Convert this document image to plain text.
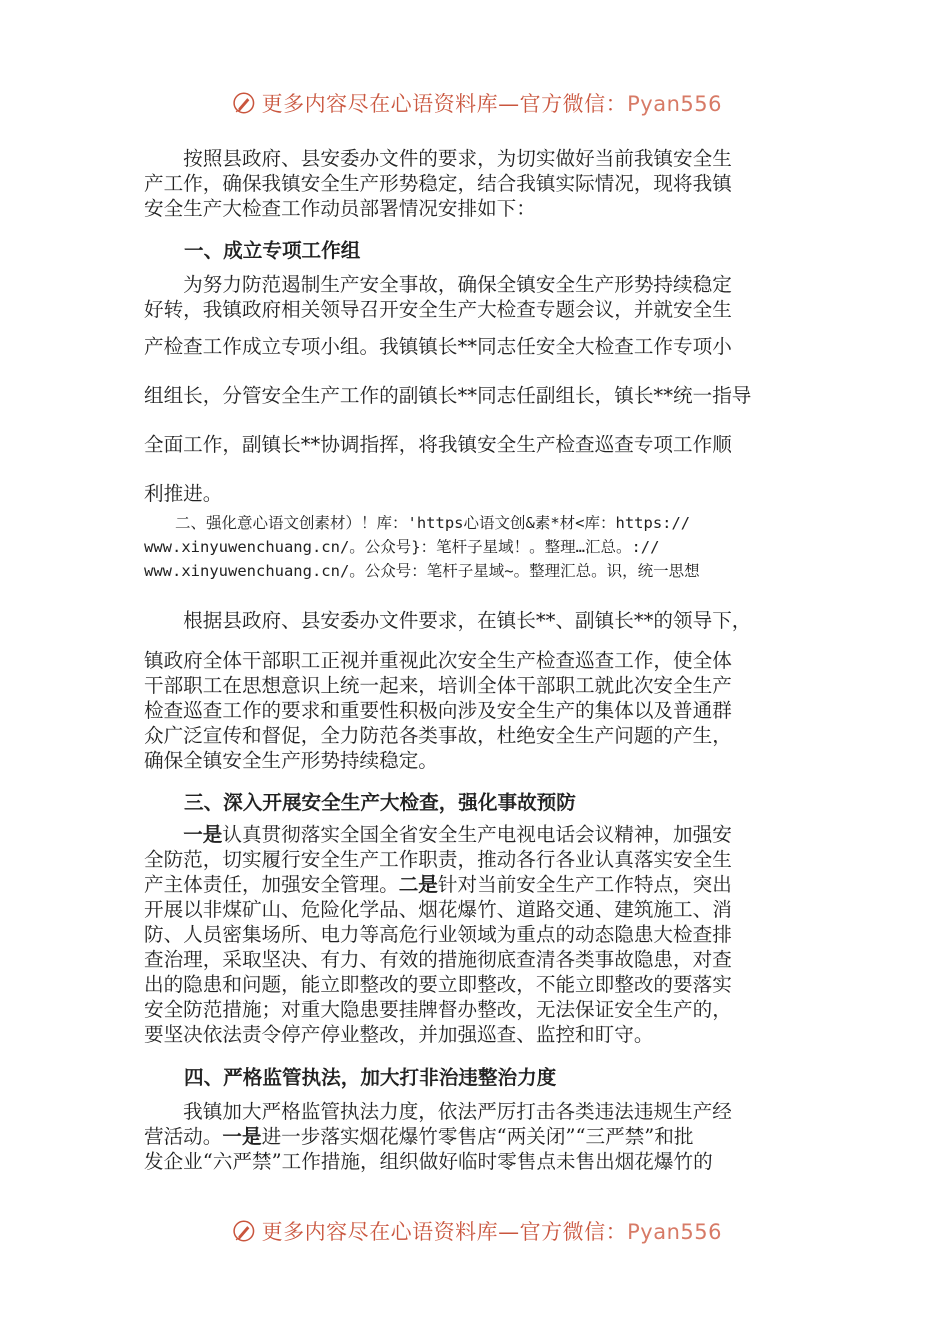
更多内容尽在心语资料库—官方微信：Pyan556
　　按照县政府、县安委办文件的要求，为切实做好当前我镇安全生
产工作，确保我镇安全生产形势稳定，结合我镇实际情况，现将我镇
安全生产大检查工作动员部署情况安排如下：
一、成立专项工作组
　　为努力防范遏制生产安全事故，确保全镇安全生产形势持续稳定
好转，我镇政府相关领导召开安全生产大检查专题会议，并就安全生
产检查工作成立专项小组。我镇镇长**同志任安全大检查工作专项小
组组长，分管安全生产工作的副镇长**同志任副组长，镇长**统一指导
全面工作，副镇长**协调指挥，将我镇安全生产检查巡查专项工作顺
利推进。
　　二、强化意心语文创素材）！库：'https心语文创&素*材<库：https://
www.xinyuwenchuang.cn/。公众号}：笔杆子星域！。整理…汇总。://
www.xinyuwenchuang.cn/。公众号：笔杆子星域~。整理汇总。识，统一思想
　　根据县政府、县安委办文件要求，在镇长**、副镇长**的领导下，
镇政府全体干部职工正视并重视此次安全生产检查巡查工作，使全体
干部职工在思想意识上统一起来，培训全体干部职工就此次安全生产
检查巡查工作的要求和重要性积极向涉及安全生产的集体以及普通群
众广泛宣传和督促，全力防范各类事故，杜绝安全生产问题的产生，
确保全镇安全生产形势持续稳定。
三、深入开展安全生产大检查，强化事故预防
　　一是认真贯彻落实全国全省安全生产电视电话会议精神，加强安
全防范，切实履行安全生产工作职责，推动各行各业认真落实安全生
产主体责任，加强安全管理。二是针对当前安全生产工作特点，突出
开展以非煤矿山、危险化学品、烟花爆竹、道路交通、建筑施工、消
防、人员密集场所、电力等高危行业领域为重点的动态隐患大检查排
查治理，采取坚决、有力、有效的措施彻底查清各类事故隐患，对查
出的隐患和问题，能立即整改的要立即整改，不能立即整改的要落实
安全防范措施；对重大隐患要挂牌督办整改，无法保证安全生产的，
要坚决依法责令停产停业整改，并加强巡查、监控和盯守。
四、严格监管执法，加大打非治违整治力度
　　我镇加大严格监管执法力度，依法严厉打击各类违法违规生产经
营活动。一是进一步落实烟花爆竹零售店“两关闭”“三严禁”和批
发企业“六严禁”工作措施，组织做好临时零售点未售出烟花爆竹的
更多内容尽在心语资料库—官方微信：Pyan556
